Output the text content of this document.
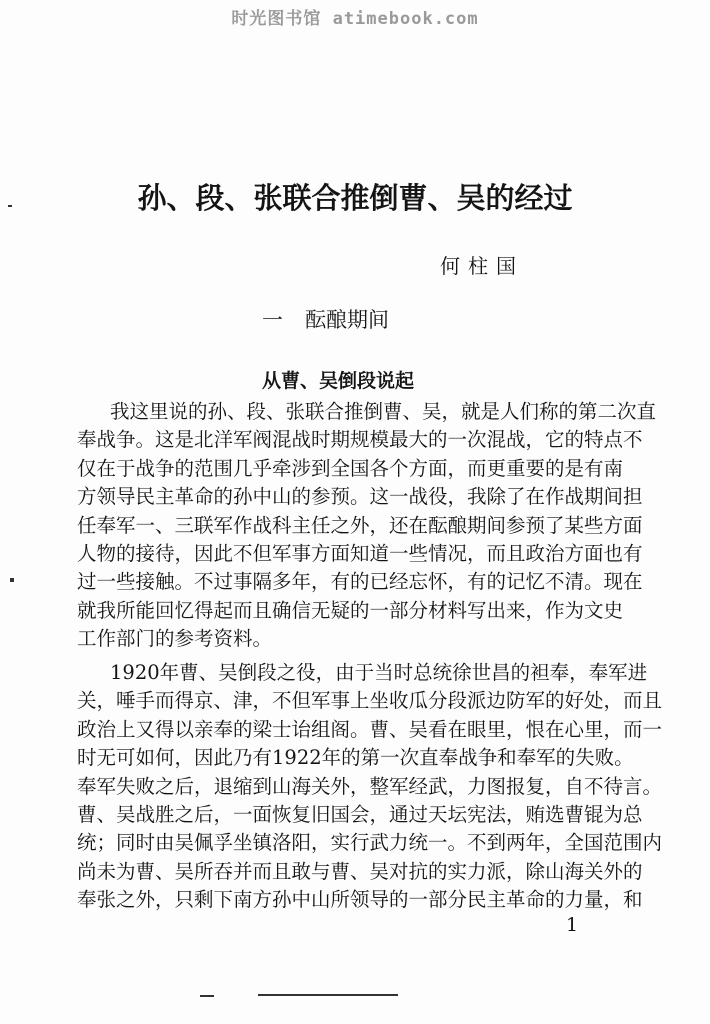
时光图书馆 atimebook.com
孙、段、张联合推倒曹、吴的经过
何柱国
一 酝酿期间
从曹、吴倒段说起
我这里说的孙、段、张联合推倒曹、吴，就是人们称的第二次直
奉战争。这是北洋军阀混战时期规模最大的一次混战，它的特点不
仅在于战争的范围几乎牵涉到全国各个方面，而更重要的是有南
方领导民主革命的孙中山的参预。这一战役，我除了在作战期间担
任奉军一、三联军作战科主任之外，还在酝酿期间参预了某些方面
人物的接待，因此不但军事方面知道一些情况，而且政治方面也有
过一些接触。不过事隔多年，有的已经忘怀，有的记忆不清。现在
就我所能回忆得起而且确信无疑的一部分材料写出来，作为文史
工作部门的参考资料。
1920年曹、吴倒段之役，由于当时总统徐世昌的袒奉，奉军进
关，唾手而得京、津，不但军事上坐收瓜分段派边防军的好处，而且
政治上又得以亲奉的梁士诒组阁。曹、吴看在眼里，恨在心里，而一
时无可如何，因此乃有1922年的第一次直奉战争和奉军的失败。
奉军失败之后，退缩到山海关外，整军经武，力图报复，自不待言。
曹、吴战胜之后，一面恢复旧国会，通过天坛宪法，贿选曹锟为总
统；同时由吴佩孚坐镇洛阳，实行武力统一。不到两年，全国范围内
尚未为曹、吴所吞并而且敢与曹、吴对抗的实力派，除山海关外的
奉张之外，只剩下南方孙中山所领导的一部分民主革命的力量，和
1
